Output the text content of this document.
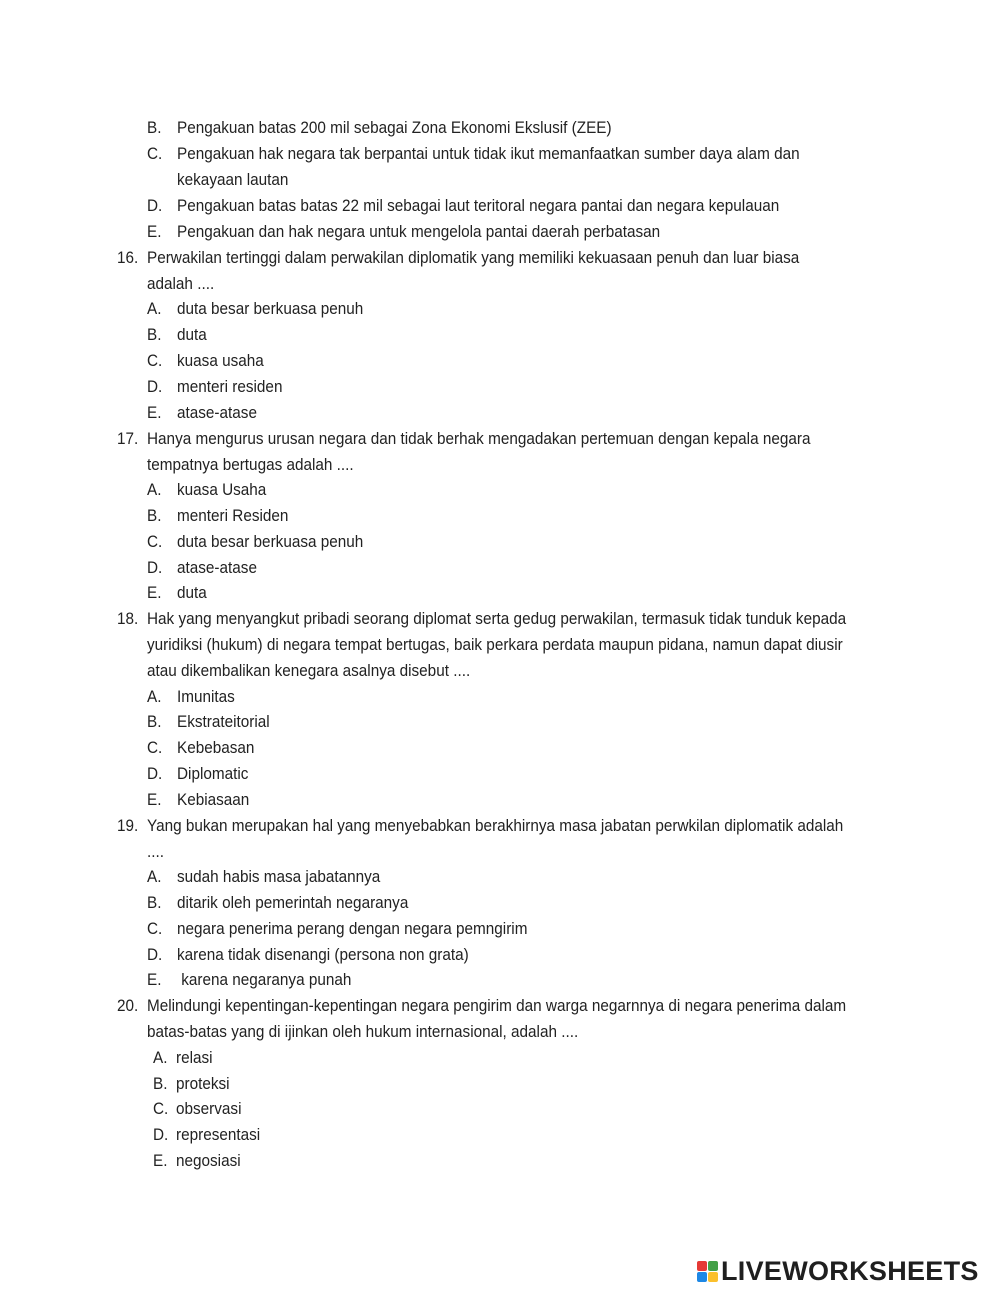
B. Pengakuan batas 200 mil sebagai Zona Ekonomi Ekslusif (ZEE)
C. Pengakuan hak negara tak berpantai untuk tidak ikut memanfaatkan sumber daya alam dan
kekayaan lautan
D. Pengakuan batas batas 22 mil sebagai laut teritoral negara pantai dan negara kepulauan
E. Pengakuan dan hak negara untuk mengelola pantai daerah perbatasan
16. Perwakilan tertinggi dalam perwakilan diplomatik yang memiliki kekuasaan penuh dan luar biasa
adalah ....
A. duta besar berkuasa penuh
B. duta
C. kuasa usaha
D. menteri residen
E. atase-atase
17. Hanya mengurus urusan negara dan tidak berhak mengadakan pertemuan dengan kepala negara
tempatnya bertugas adalah ....
A. kuasa Usaha
B. menteri Residen
C. duta besar berkuasa penuh
D. atase-atase
E. duta
18. Hak yang menyangkut pribadi seorang diplomat serta gedug perwakilan, termasuk tidak tunduk kepada
yuridiksi (hukum) di negara tempat bertugas, baik perkara perdata maupun pidana, namun dapat diusir
atau dikembalikan kenegara asalnya disebut ....
A. Imunitas
B. Ekstrateitorial
C. Kebebasan
D. Diplomatic
E. Kebiasaan
19. Yang bukan merupakan hal yang menyebabkan berakhirnya masa jabatan perwkilan diplomatik adalah
....
A. sudah habis masa jabatannya
B. ditarik oleh pemerintah negaranya
C. negara penerima perang dengan negara pemngirim
D. karena tidak disenangi (persona non grata)
E. karena negaranya punah
20. Melindungi kepentingan-kepentingan negara pengirim dan warga negarnnya di negara penerima dalam
batas-batas yang di ijinkan oleh hukum internasional, adalah ....
A. relasi
B. proteksi
C. observasi
D. representasi
E. negosiasi
LIVEWORKSHEETS
